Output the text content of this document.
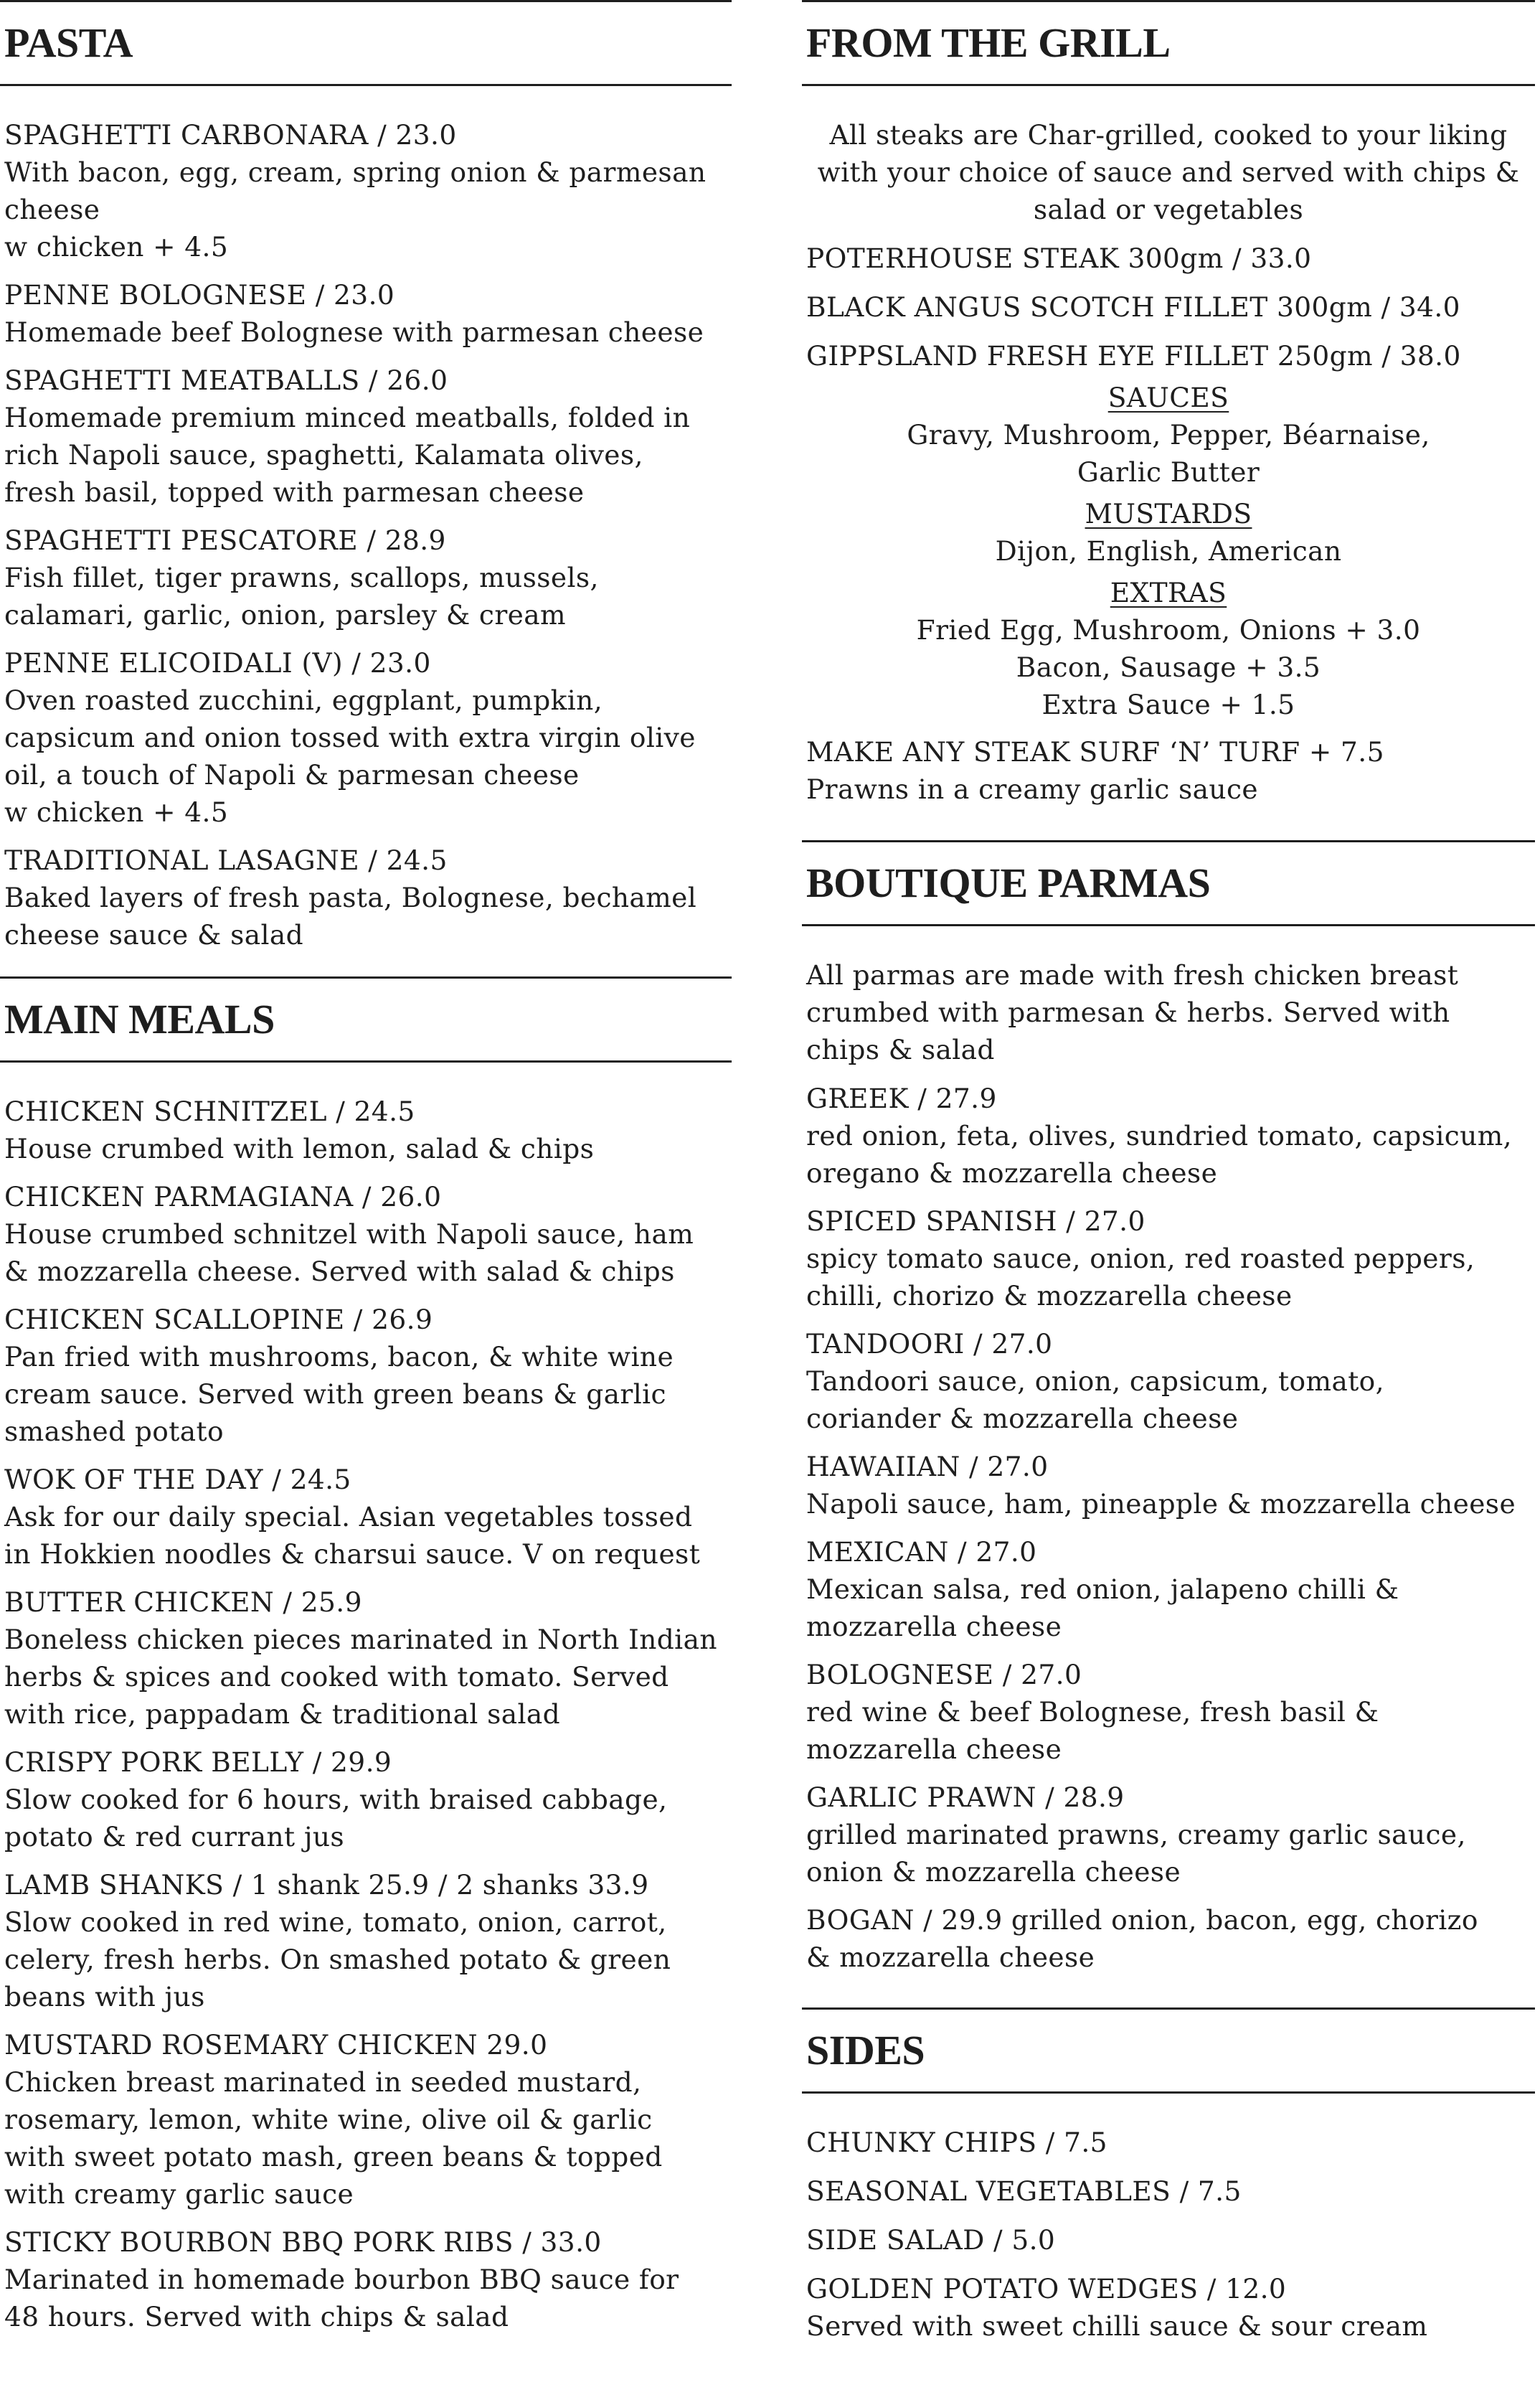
PASTA
SPAGHETTI CARBONARA / 23.0
With bacon, egg, cream, spring onion & parmesan
cheese
w chicken + 4.5
PENNE BOLOGNESE / 23.0
Homemade beef Bolognese with parmesan cheese
SPAGHETTI MEATBALLS / 26.0
Homemade premium minced meatballs, folded in
rich Napoli sauce, spaghetti, Kalamata olives,
fresh basil, topped with parmesan cheese
SPAGHETTI PESCATORE / 28.9
Fish fillet, tiger prawns, scallops, mussels,
calamari, garlic, onion, parsley & cream
PENNE ELICOIDALI (V) / 23.0
Oven roasted zucchini, eggplant, pumpkin,
capsicum and onion tossed with extra virgin olive
oil, a touch of Napoli & parmesan cheese
w chicken + 4.5
TRADITIONAL LASAGNE / 24.5
Baked layers of fresh pasta, Bolognese, bechamel
cheese sauce & salad
MAIN MEALS
CHICKEN SCHNITZEL / 24.5
House crumbed with lemon, salad & chips
CHICKEN PARMAGIANA / 26.0
House crumbed schnitzel with Napoli sauce, ham
& mozzarella cheese. Served with salad & chips
CHICKEN SCALLOPINE / 26.9
Pan fried with mushrooms, bacon, & white wine
cream sauce. Served with green beans & garlic
smashed potato
WOK OF THE DAY / 24.5
Ask for our daily special. Asian vegetables tossed
in Hokkien noodles & charsui sauce. V on request
BUTTER CHICKEN / 25.9
Boneless chicken pieces marinated in North Indian
herbs & spices and cooked with tomato. Served
with rice, pappadam & traditional salad
CRISPY PORK BELLY / 29.9
Slow cooked for 6 hours, with braised cabbage,
potato & red currant jus
LAMB SHANKS / 1 shank 25.9 / 2 shanks 33.9
Slow cooked in red wine, tomato, onion, carrot,
celery, fresh herbs. On smashed potato & green
beans with jus
MUSTARD ROSEMARY CHICKEN 29.0
Chicken breast marinated in seeded mustard,
rosemary, lemon, white wine, olive oil & garlic
with sweet potato mash, green beans & topped
with creamy garlic sauce
STICKY BOURBON BBQ PORK RIBS / 33.0
Marinated in homemade bourbon BBQ sauce for
48 hours. Served with chips & salad
FROM THE GRILL
All steaks are Char-grilled, cooked to your liking
with your choice of sauce and served with chips &
salad or vegetables
POTERHOUSE STEAK 300gm / 33.0
BLACK ANGUS SCOTCH FILLET 300gm / 34.0
GIPPSLAND FRESH EYE FILLET 250gm / 38.0
SAUCES
Gravy, Mushroom, Pepper, Béarnaise,
Garlic Butter
MUSTARDS
Dijon, English, American
EXTRAS
Fried Egg, Mushroom, Onions + 3.0
Bacon, Sausage + 3.5
Extra Sauce + 1.5
MAKE ANY STEAK SURF ‘N’ TURF + 7.5
Prawns in a creamy garlic sauce
BOUTIQUE PARMAS
All parmas are made with fresh chicken breast
crumbed with parmesan & herbs. Served with
chips & salad
GREEK / 27.9
red onion, feta, olives, sundried tomato, capsicum,
oregano & mozzarella cheese
SPICED SPANISH / 27.0
spicy tomato sauce, onion, red roasted peppers,
chilli, chorizo & mozzarella cheese
TANDOORI / 27.0
Tandoori sauce, onion, capsicum, tomato,
coriander & mozzarella cheese
HAWAIIAN / 27.0
Napoli sauce, ham, pineapple & mozzarella cheese
MEXICAN / 27.0
Mexican salsa, red onion, jalapeno chilli &
mozzarella cheese
BOLOGNESE / 27.0
red wine & beef Bolognese, fresh basil &
mozzarella cheese
GARLIC PRAWN / 28.9
grilled marinated prawns, creamy garlic sauce,
onion & mozzarella cheese
BOGAN / 29.9 grilled onion, bacon, egg, chorizo
& mozzarella cheese
SIDES
CHUNKY CHIPS / 7.5
SEASONAL VEGETABLES / 7.5
SIDE SALAD / 5.0
GOLDEN POTATO WEDGES / 12.0
Served with sweet chilli sauce & sour cream
